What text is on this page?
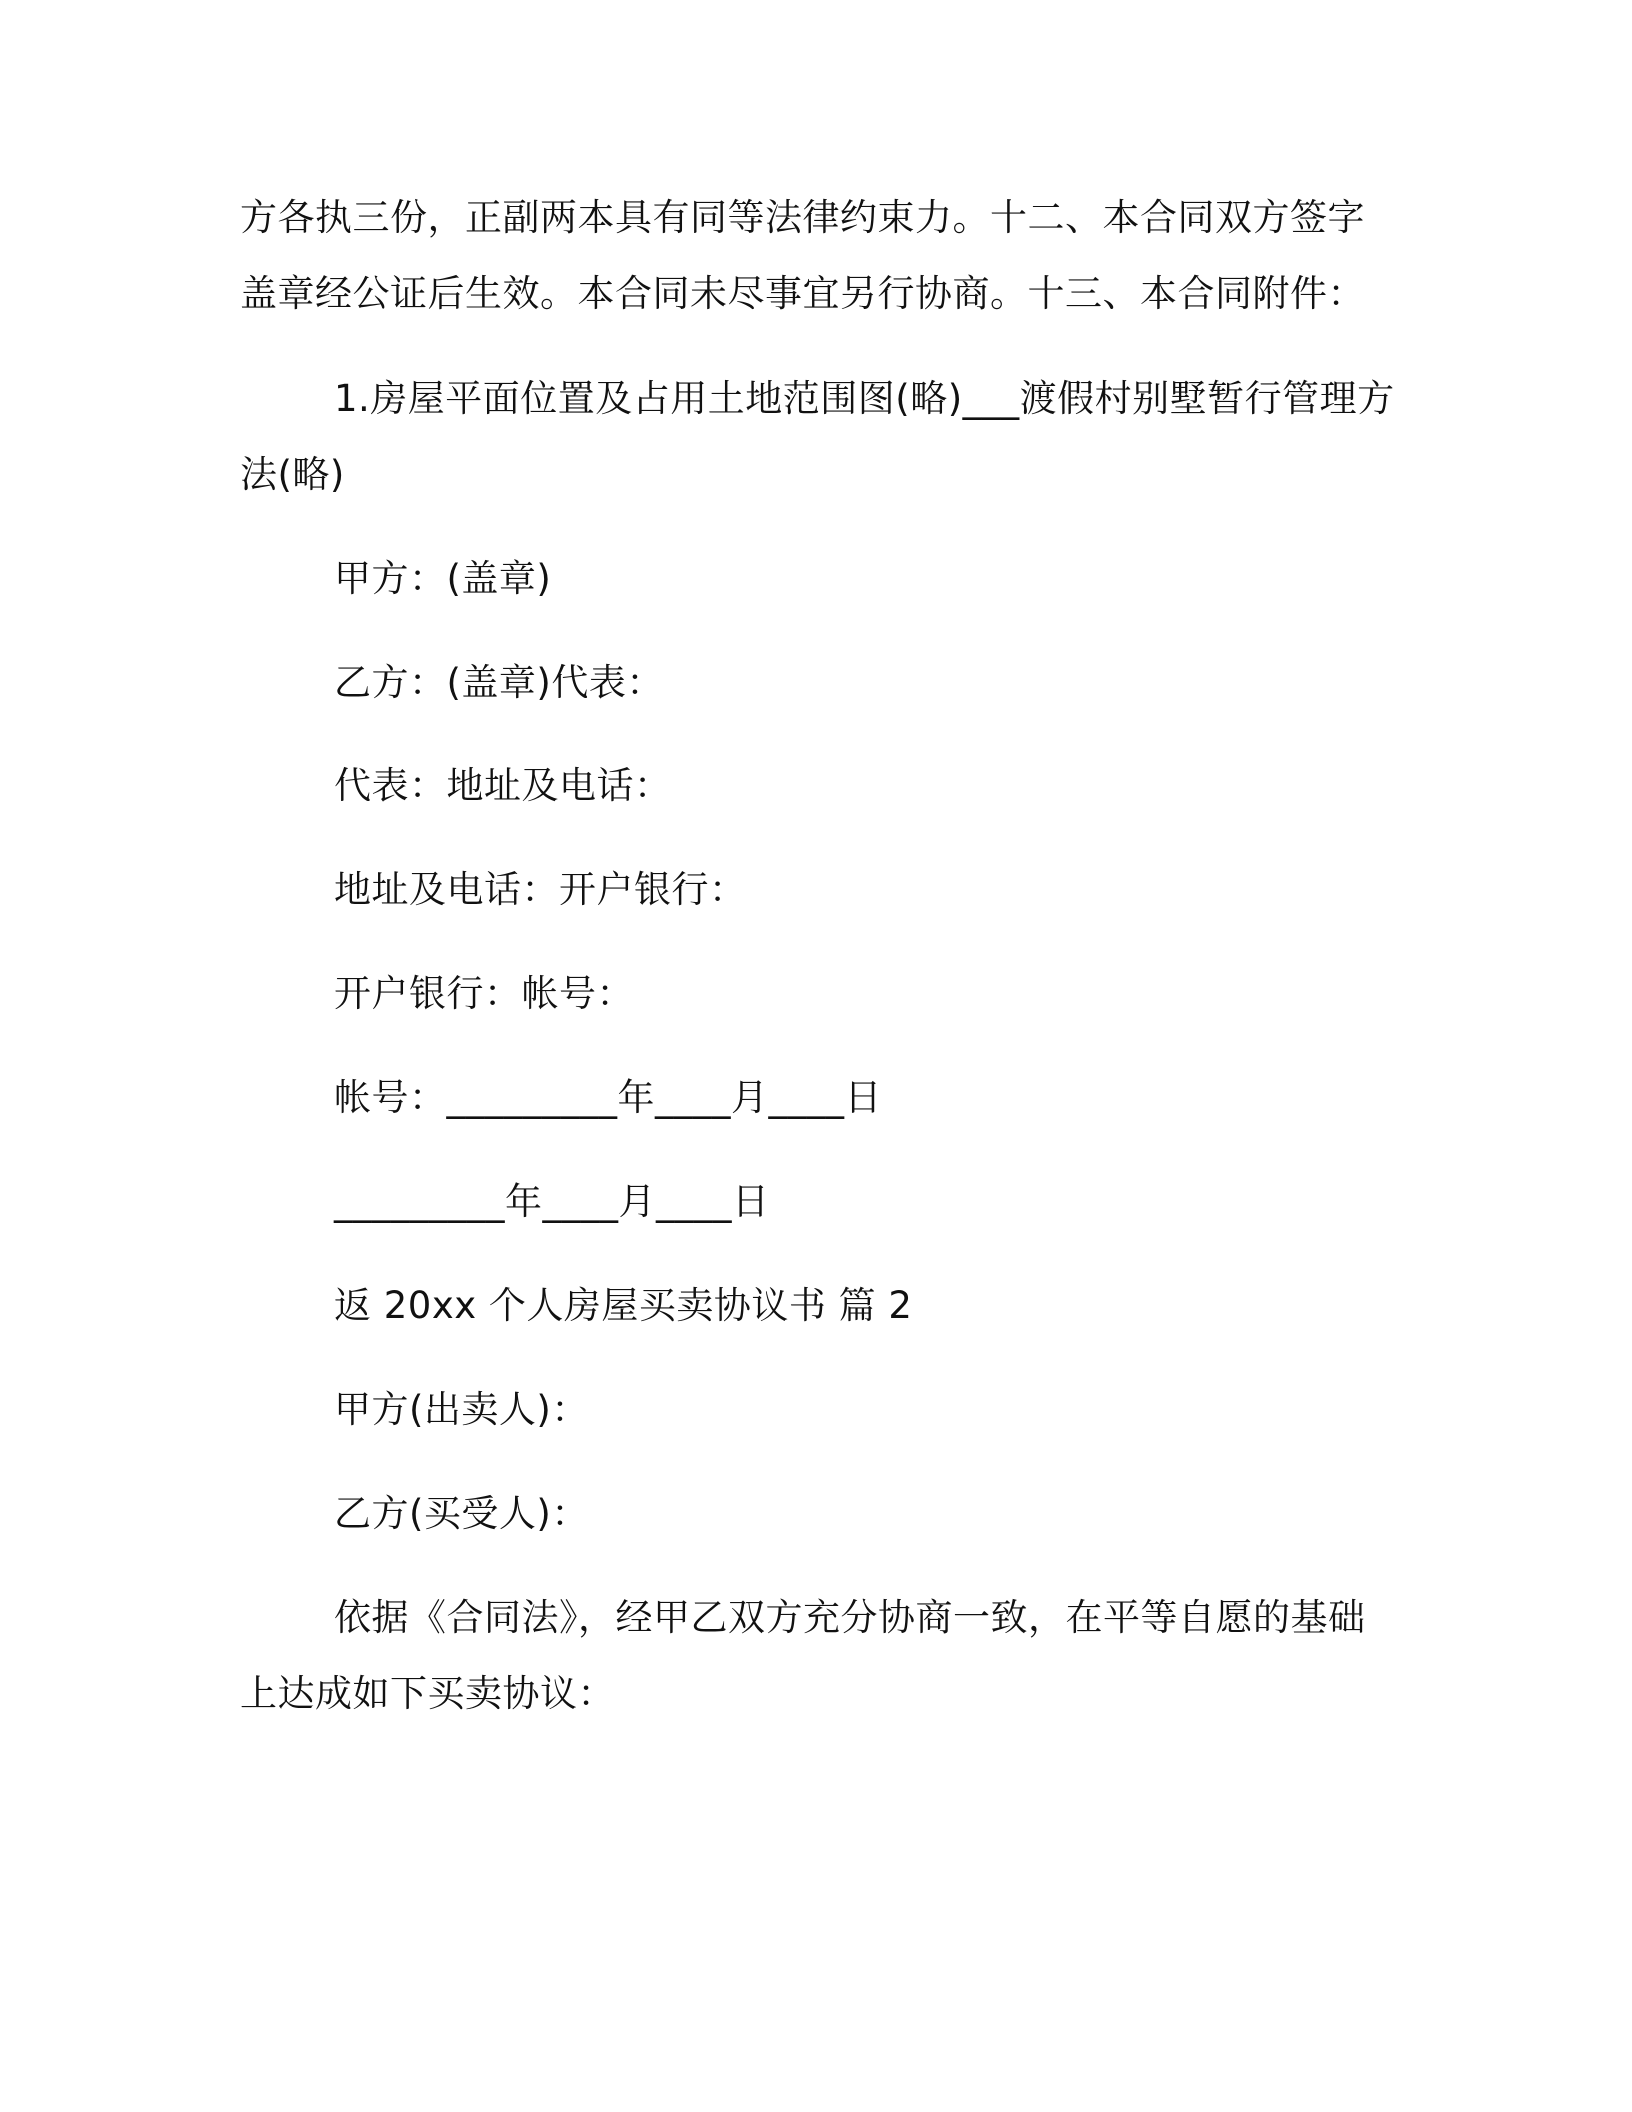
方各执三份，正副两本具有同等法律约束力。十二、本合同双方签字
盖章经公证后生效。本合同未尽事宜另行协商。十三、本合同附件：
1.房屋平面位置及占用土地范围图(略)___渡假村别墅暂行管理方
法(略)
甲方：(盖章)
乙方：(盖章)代表：
代表：地址及电话：
地址及电话：开户银行：
开户银行：帐号：
帐号：_________年____月____日
_________年____月____日
返 20xx 个人房屋买卖协议书 篇 2
甲方(出卖人)：
乙方(买受人)：
依据《合同法》，经甲乙双方充分协商一致，在平等自愿的基础
上达成如下买卖协议：
